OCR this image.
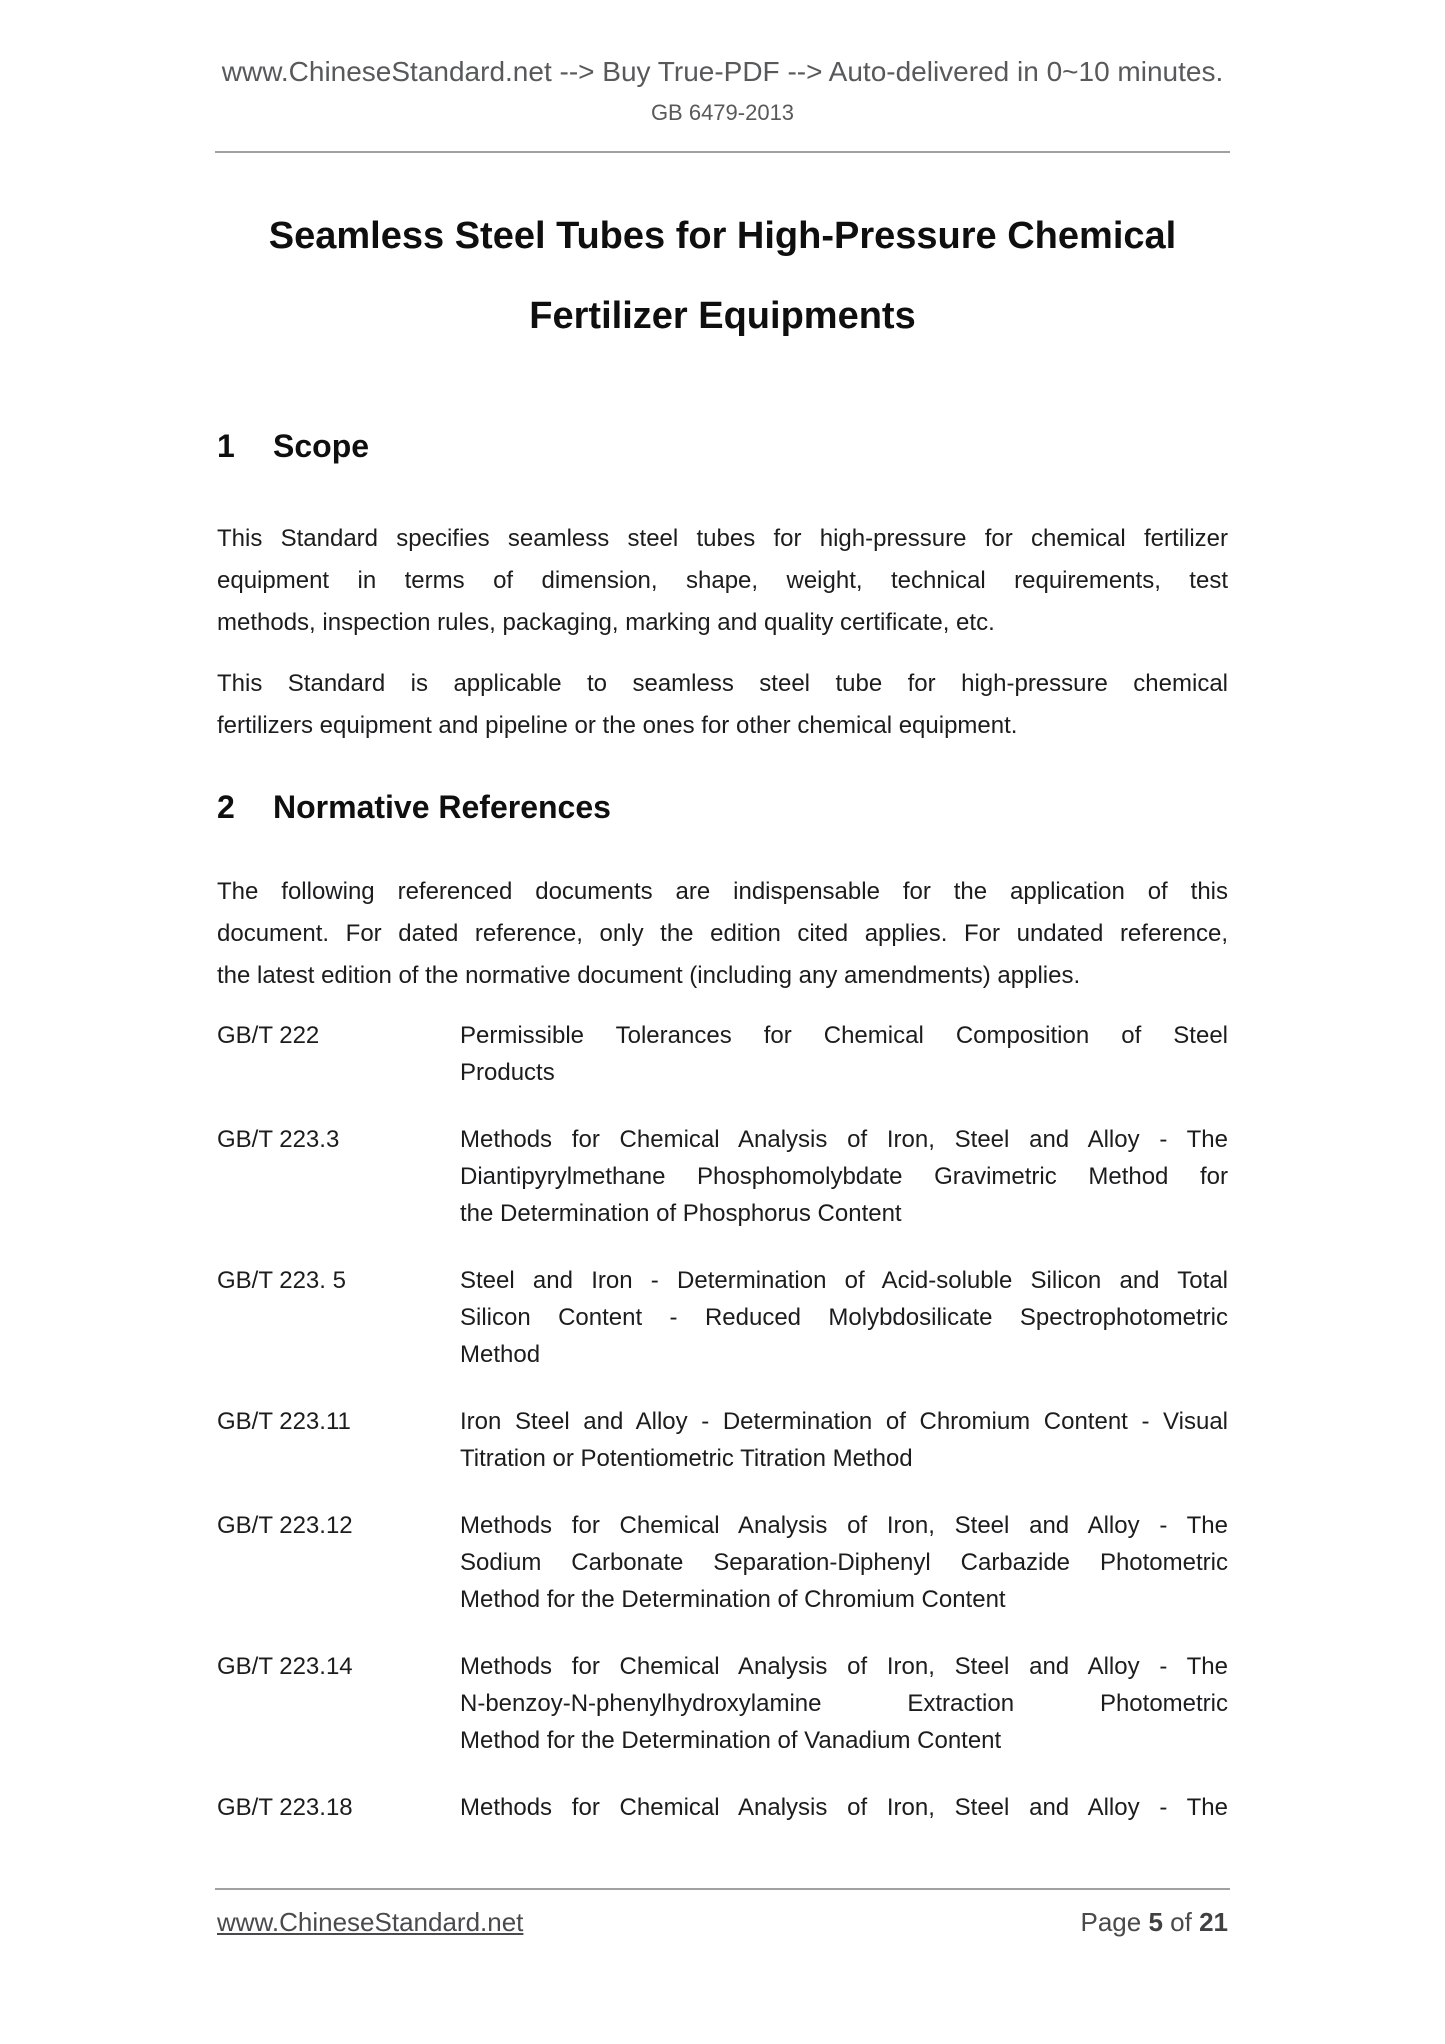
www.ChineseStandard.net --> Buy True-PDF --> Auto-delivered in 0~10 minutes.
GB 6479-2013
Seamless Steel Tubes for High-Pressure Chemical
Fertilizer Equipments
1 Scope
This Standard specifies seamless steel tubes for high-pressure for chemical fertilizer
equipment in terms of dimension, shape, weight, technical requirements, test
methods, inspection rules, packaging, marking and quality certificate, etc.
This Standard is applicable to seamless steel tube for high-pressure chemical
fertilizers equipment and pipeline or the ones for other chemical equipment.
2 Normative References
The following referenced documents are indispensable for the application of this
document. For dated reference, only the edition cited applies. For undated reference,
the latest edition of the normative document (including any amendments) applies.
GB/T 222	Permissible Tolerances for Chemical Composition of Steel
Products
GB/T 223.3	Methods for Chemical Analysis of Iron, Steel and Alloy - The
Diantipyrylmethane Phosphomolybdate Gravimetric Method for
the Determination of Phosphorus Content
GB/T 223. 5	Steel and Iron - Determination of Acid-soluble Silicon and Total
Silicon Content - Reduced Molybdosilicate Spectrophotometric
Method
GB/T 223.11	Iron Steel and Alloy - Determination of Chromium Content - Visual
Titration or Potentiometric Titration Method
GB/T 223.12	Methods for Chemical Analysis of Iron, Steel and Alloy - The
Sodium Carbonate Separation-Diphenyl Carbazide Photometric
Method for the Determination of Chromium Content
GB/T 223.14	Methods for Chemical Analysis of Iron, Steel and Alloy - The
N-benzoy-N-phenylhydroxylamine Extraction Photometric
Method for the Determination of Vanadium Content
GB/T 223.18	Methods for Chemical Analysis of Iron, Steel and Alloy - The
www.ChineseStandard.net	Page 5 of 21
